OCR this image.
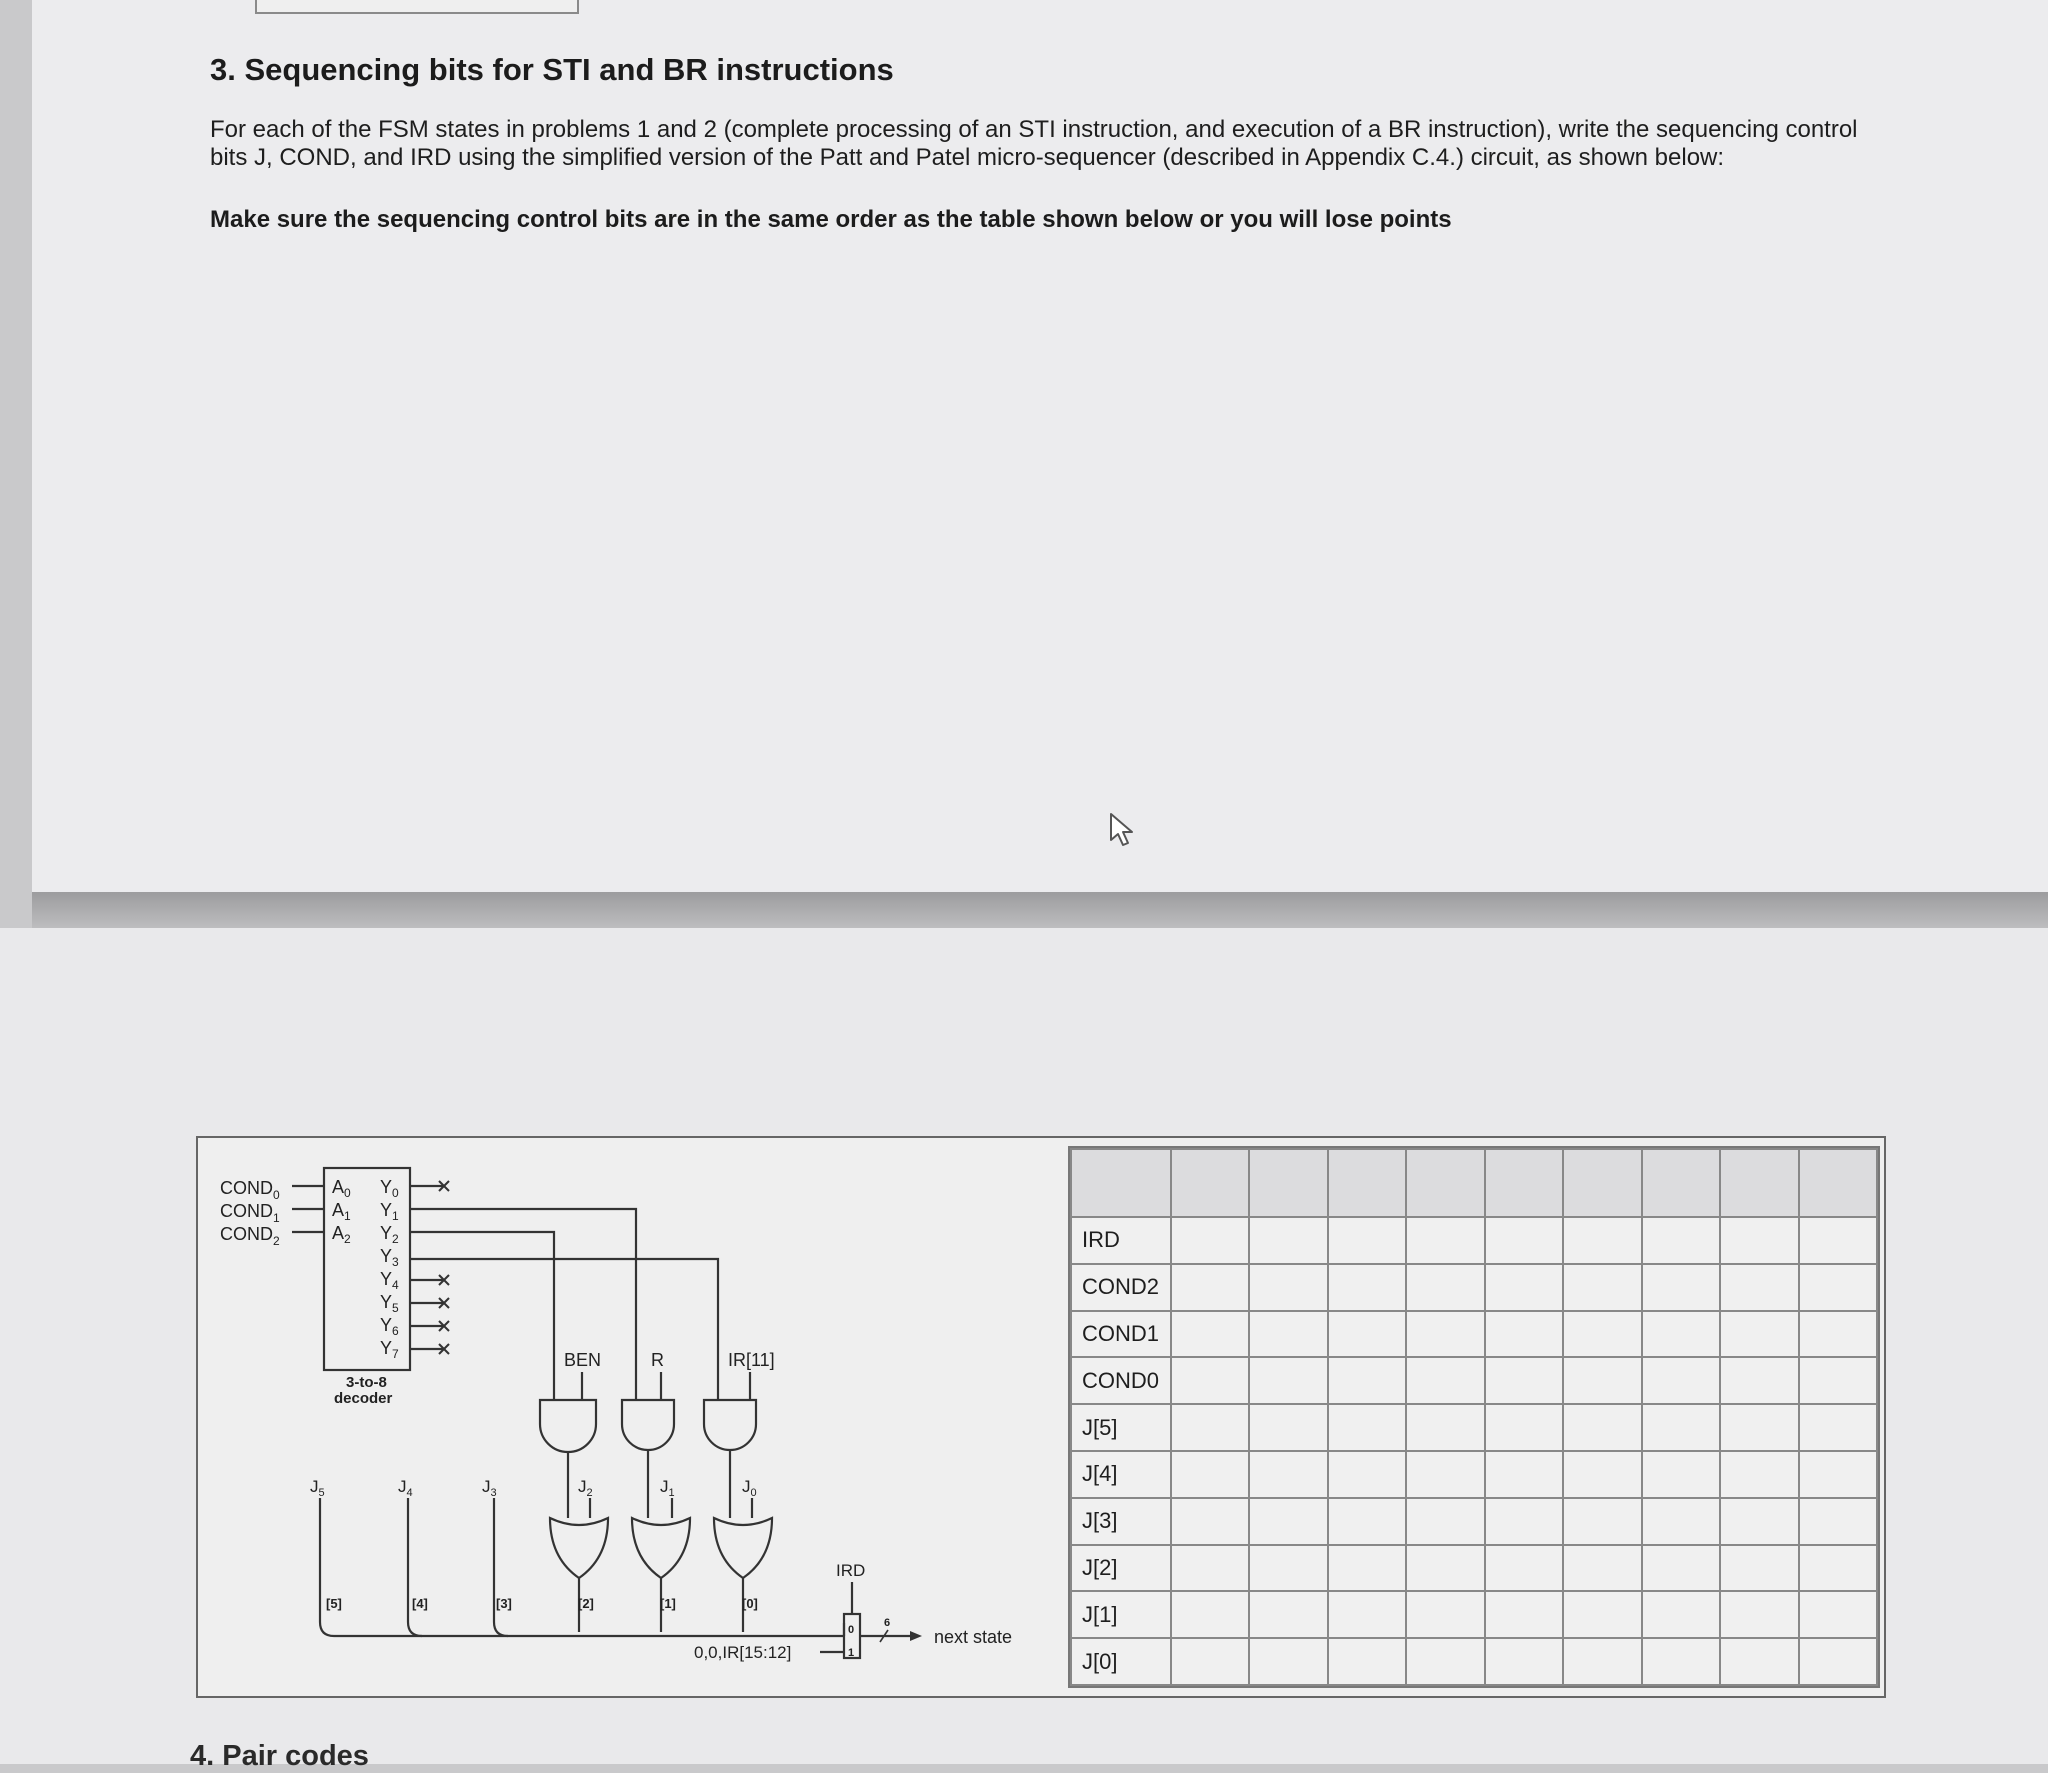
3. Sequencing bits for STI and BR instructions

For each of the FSM states in problems 1 and 2 (complete processing of an STI instruction, and execution of a BR instruction), write the sequencing control bits J, COND, and IRD using the simplified version of the Patt and Patel micro-sequencer (described in Appendix C.4.) circuit, as shown below:

Make sure the sequencing control bits are in the same order as the table shown below or you will lose points

$COND_0$
$COND_1$
$COND_2$
$A_0$
$A_1$
$A_2$
$Y_0$
$Y_1$
$Y_2$
$Y_3$
$Y_4$
$Y_5$
$Y_6$
$Y_7$
3-to-8
decoder
BEN	R	IR[11]
$J_5$	$J_4$	$J_3$	$J_2$	$J_1$	$J_0$
[5]	[4]	[3]	[2]	[1]	[0]
IRD
0
1
0,0,IR[15:12]
6
next state

IRD									
COND2									
COND1									
COND0									
J[5]									
J[4]									
J[3]									
J[2]									
J[1]									
J[0]									
4. Pair codes
